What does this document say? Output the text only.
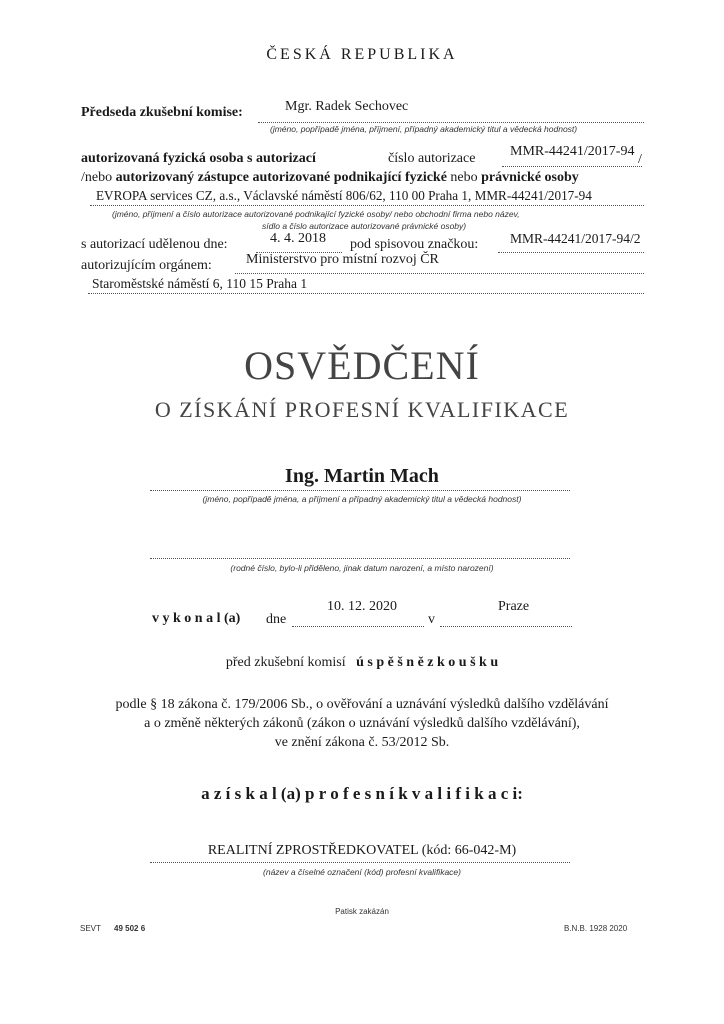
ČESKÁ REPUBLIKA
Předseda zkušební komise:	Mgr. Radek Sechovec
(jméno, popřípadě jména, příjmení, případný akademický titul a vědecká hodnost)
autorizovaná fyzická osoba s autorizací	číslo autorizace MMR-44241/2017-94
/
/nebo autorizovaný zástupce autorizované podnikající fyzické nebo právnické osoby
EVROPA services CZ, a.s., Václavské náměstí 806/62, 110 00 Praha 1, MMR-44241/2017-94
(jméno, příjmení a číslo autorizace autorizované podnikající fyzické osoby/ nebo obchodní firma nebo název,
sídlo a číslo autorizace autorizované právnické osoby)
s autorizací udělenou dne:	4. 4. 2018 pod spisovou značkou: MMR-44241/2017-94/2
autorizujícím orgánem: Ministerstvo pro místní rozvoj ČR
Staroměstské náměstí 6, 110 15 Praha 1
OSVĚDČENÍ
O ZÍSKÁNÍ PROFESNÍ KVALIFIKACE
Ing. Martin Mach
(jméno, popřípadě jména, a příjmení a případný akademický titul a vědecká hodnost)
(rodné číslo, bylo-li přiděleno, jinak datum narození, a místo narození)
v y k o n a l (a) dne
10. 12. 2020
v
Praze
před zkušební komisí ú s p ě š n ě z k o u š k u
podle § 18 zákona č. 179/2006 Sb., o ověřování a uznávání výsledků dalšího vzdělávání
a o změně některých zákonů (zákon o uznávání výsledků dalšího vzdělávání),
ve znění zákona č. 53/2012 Sb.
a z í s k a l (a) p r o f e s n í k v a l i f i k a c i:
REALITNÍ ZPROSTŘEDKOVATEL (kód: 66-042-M)
(název a číselné označení (kód) profesní kvalifikace)
Patisk zakázán
SEVT 49 502 6	B.N.B. 1928 2020
